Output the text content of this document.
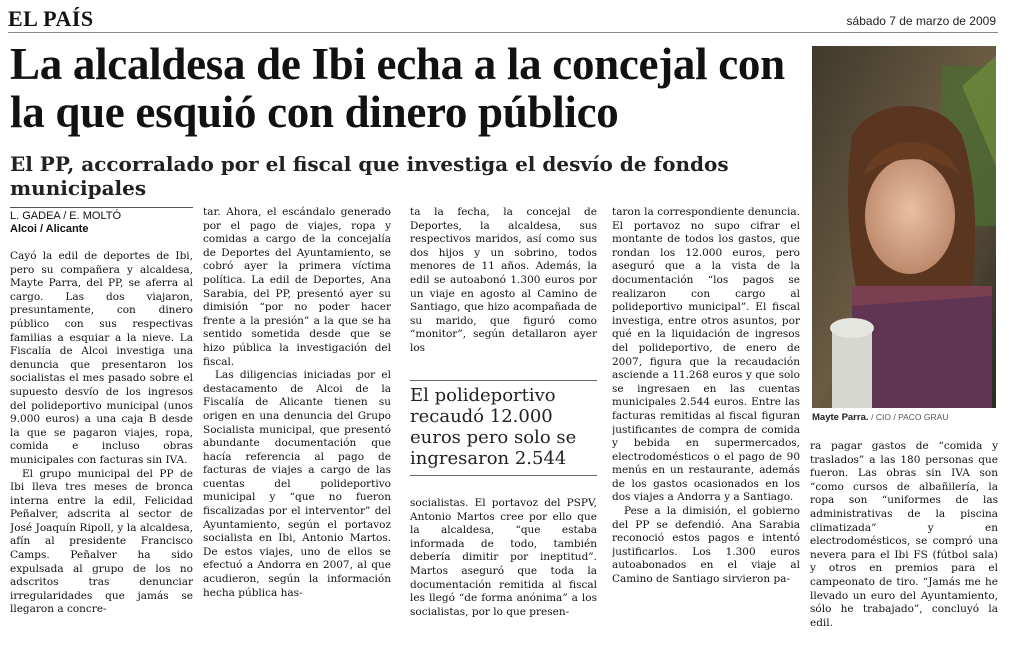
EL PAÍS	sábado 7 de marzo de 2009
La alcaldesa de Ibi echa a la concejal con la que esquió con dinero público
El PP, accorralado por el fiscal que investiga el desvío de fondos municipales
L. GADEA / E. MOLTÓ
Alcoi / Alicante

Cayó la edil de deportes de Ibi, pero su compañera y alcaldesa, Mayte Parra, del PP, se aferra al cargo. Las dos viajaron, presuntamente, con dinero público con sus respectivas familias a esquiar a la nieve. La Fiscalía de Alcoi investiga una denuncia que presentaron los socialistas el mes pasado sobre el supuesto desvío de los ingresos del polideportivo municipal (unos 9.000 euros) a una caja B desde la que se pagaron viajes, ropa, comida e incluso obras municipales con facturas sin IVA.

El grupo municipal del PP de Ibi lleva tres meses de bronca interna entre la edil, Felicidad Peñalver, adscrita al sector de José Joaquín Ripoll, y la alcaldesa, afín al presidente Francisco Camps. Peñalver ha sido expulsada al grupo de los no adscritos tras denunciar irregularidades que jamás se llegaron a concre-

tar. Ahora, el escándalo generado por el pago de viajes, ropa y comidas a cargo de la concejalía de Deportes del Ayuntamiento, se cobró ayer la primera víctima política. La edil de Deportes, Ana Sarabia, del PP, presentó ayer su dimisión “por no poder hacer frente a la presión” a la que se ha sentido sometida desde que se hizo pública la investigación del fiscal.

Las diligencias iniciadas por el destacamento de Alcoi de la Fiscalía de Alicante tienen su origen en una denuncia del Grupo Socialista municipal, que presentó abundante documentación que hacía referencia al pago de facturas de viajes a cargo de las cuentas del polideportivo municipal y “que no fueron fiscalizadas por el interventor” del Ayuntamiento, según el portavoz socialista en Ibi, Antonio Martos. De estos viajes, uno de ellos se efectuó a Andorra en 2007, al que acudieron, según la información hecha pública has-

ta la fecha, la concejal de Deportes, la alcaldesa, sus respectivos maridos, así como sus dos hijos y un sobrino, todos menores de 11 años. Además, la edil se autoabonó 1.300 euros por un viaje en agosto al Camino de Santiago, que hizo acompañada de su marido, que figuró como “monitor”, según detallaron ayer los

El polideportivo recaudó 12.000 euros pero solo se ingresaron 2.544

socialistas. El portavoz del PSPV, Antonio Martos cree por ello que la alcaldesa, “que estaba informada de todo, también debería dimitir por ineptitud”. Martos aseguró que toda la documentación remitida al fiscal les llegó “de forma anónima” a los socialistas, por lo que presen-

taron la correspondiente denuncia. El portavoz no supo cifrar el montante de todos los gastos, que rondan los 12.000 euros, pero aseguró que a la vista de la documentación “los pagos se realizaron con cargo al polideportivo municipal”. El fiscal investiga, entre otros asuntos, por qué en la liquidación de ingresos del polideportivo, de enero de 2007, figura que la recaudación asciende a 11.268 euros y que solo se ingresaen en las cuentas municipales 2.544 euros. Entre las facturas remitidas al fiscal figuran justificantes de compra de comida y bebida en supermercados, electrodomésticos o el pago de 90 menús en un restaurante, además de los gastos ocasionados en los dos viajes a Andorra y a Santiago.

Pese a la dimisión, el gobierno del PP se defendió. Ana Sarabia reconoció estos pagos e intentó justificarlos. Los 1.300 euros autoabonados en el viaje al Camino de Santiago sirvieron pa-

Mayte Parra. / CIO / PACO GRAU

ra pagar gastos de “comida y traslados” a las 180 personas que fueron. Las obras sin IVA son “como cursos de albañilería, la ropa son “uniformes de las administrativas de la piscina climatizada” y en electrodomésticos, se compró una nevera para el Ibi FS (fútbol sala) y otros en premios para el campeonato de tiro. “Jamás me he llevado un euro del Ayuntamiento, sólo he trabajado”, concluyó la edil.
